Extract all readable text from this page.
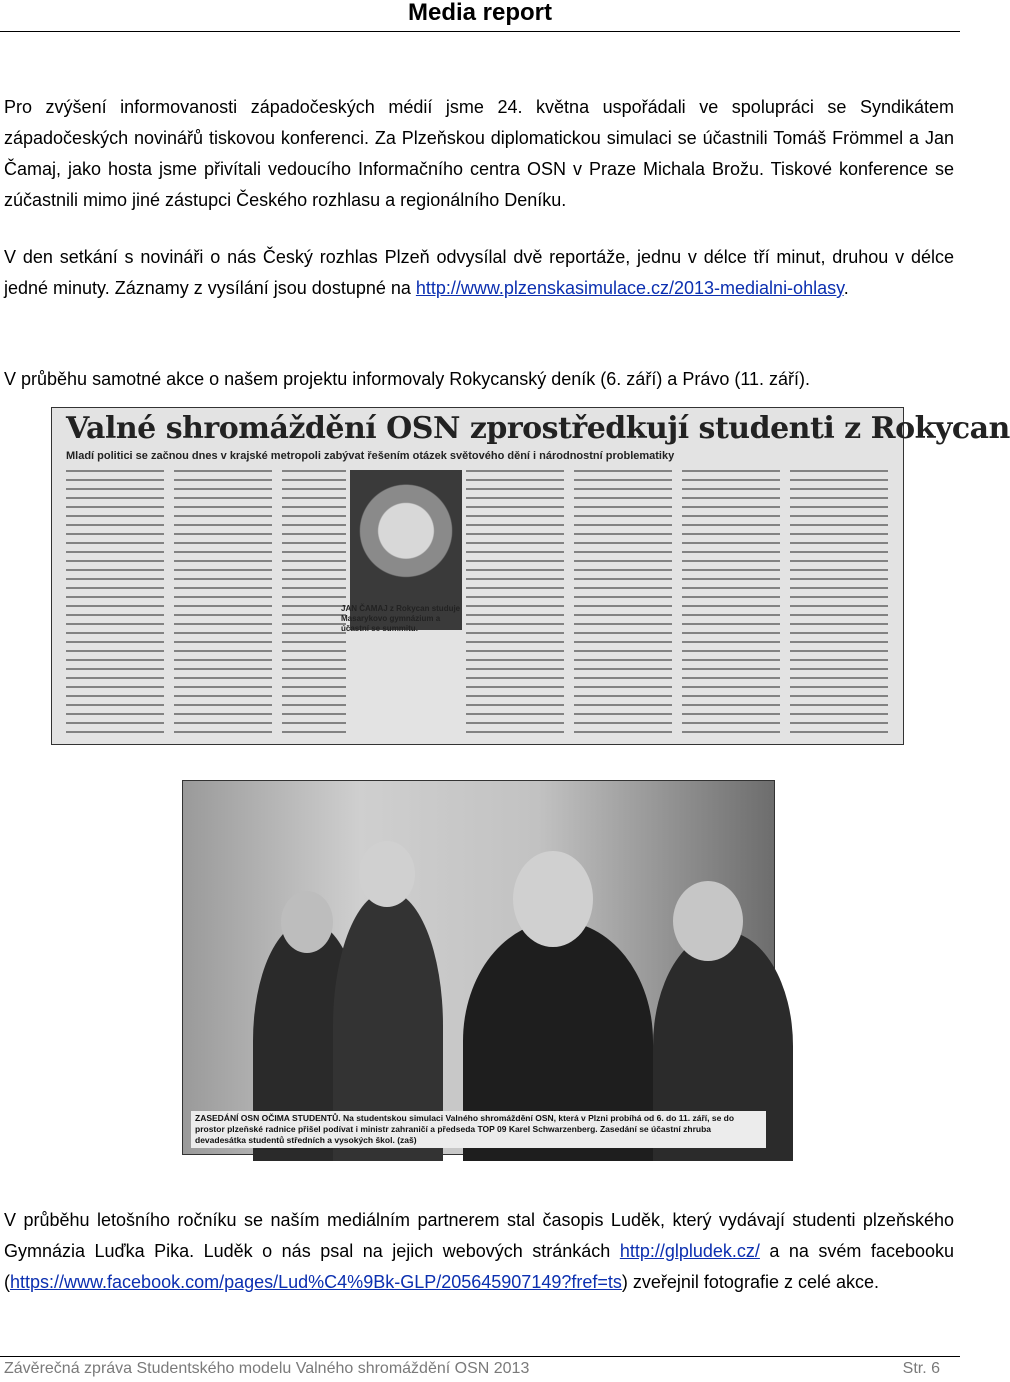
Media report

Pro zvýšení informovanosti západočeských médií jsme 24. května uspořádali ve spolupráci se Syndikátem západočeských novinářů tiskovou konferenci. Za Plzeňskou diplomatickou simulaci se účastnili Tomáš Frömmel a Jan Čamaj, jako hosta jsme přivítali vedoucího Informačního centra OSN v Praze Michala Brožu. Tiskové konference se zúčastnili mimo jiné zástupci Českého rozhlasu a regionálního Deníku.

V den setkání s novináři o nás Český rozhlas Plzeň odvysílal dvě reportáže, jednu v délce tří minut, druhou v délce jedné minuty. Záznamy z vysílání jsou dostupné na http://www.plzenskasimulace.cz/2013-medialni-ohlasy.

V průběhu samotné akce o našem projektu informovaly Rokycanský deník (6. září) a Právo (11. září).

Valné shromáždění OSN zprostředkují studenti z Rokycan
Mladí politici se začnou dnes v krajské metropoli zabývat řešením otázek světového dění i národnostní problematiky
JAN ČAMAJ z Rokycan studuje Masarykovo gymnázium a účastní se summitu.
ZASEDÁNÍ OSN OČIMA STUDENTŮ. Na studentskou simulaci Valného shromáždění OSN, která v Plzni probíhá od 6. do 11. září, se do prostor plzeňské radnice přišel podívat i ministr zahraničí a předseda TOP 09 Karel Schwarzenberg. Zasedání se účastní zhruba devadesátka studentů středních a vysokých škol. (zaš)

V průběhu letošního ročníku se naším mediálním partnerem stal časopis Luděk, který vydávají studenti plzeňského Gymnázia Luďka Pika. Luděk o nás psal na jejich webových stránkách http://glpludek.cz/ a na svém facebooku (https://www.facebook.com/pages/Lud%C4%9Bk-GLP/205645907149?fref=ts) zveřejnil fotografie z celé akce.

Závěrečná zpráva Studentského modelu Valného shromáždění OSN 2013	Str. 6
